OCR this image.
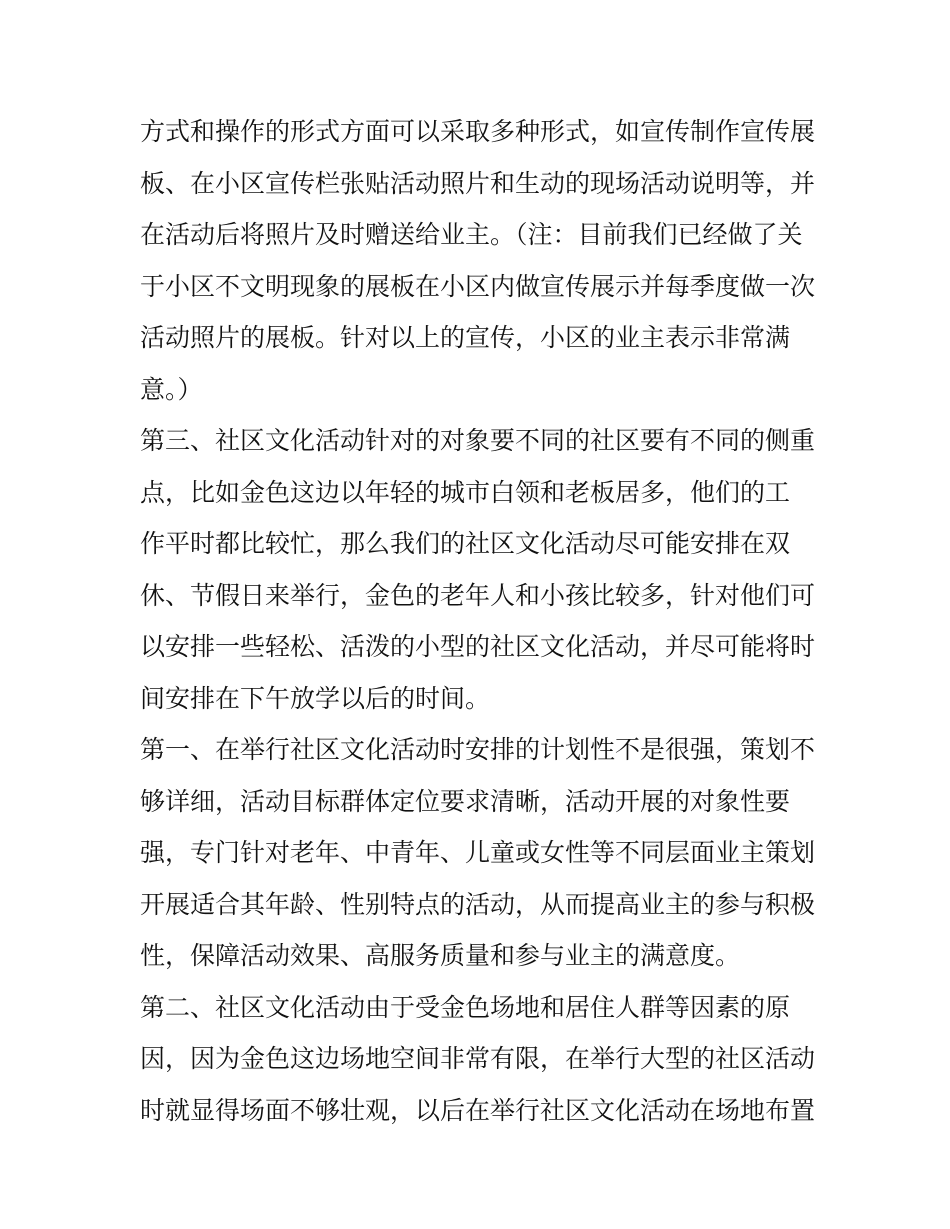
方式和操作的形式方面可以采取多种形式，如宣传制作宣传展
板、在小区宣传栏张贴活动照片和生动的现场活动说明等，并
在活动后将照片及时赠送给业主。（注：目前我们已经做了关
于小区不文明现象的展板在小区内做宣传展示并每季度做一次
活动照片的展板。针对以上的宣传，小区的业主表示非常满
意。）
第三、社区文化活动针对的对象要不同的社区要有不同的侧重
点，比如金色这边以年轻的城市白领和老板居多，他们的工
作平时都比较忙，那么我们的社区文化活动尽可能安排在双
休、节假日来举行，金色的老年人和小孩比较多，针对他们可
以安排一些轻松、活泼的小型的社区文化活动，并尽可能将时
间安排在下午放学以后的时间。
第一、在举行社区文化活动时安排的计划性不是很强，策划不
够详细，活动目标群体定位要求清晰，活动开展的对象性要
强，专门针对老年、中青年、儿童或女性等不同层面业主策划
开展适合其年龄、性别特点的活动，从而提高业主的参与积极
性，保障活动效果、高服务质量和参与业主的满意度。
第二、社区文化活动由于受金色场地和居住人群等因素的原
因，因为金色这边场地空间非常有限，在举行大型的社区活动
时就显得场面不够壮观，以后在举行社区文化活动在场地布置
